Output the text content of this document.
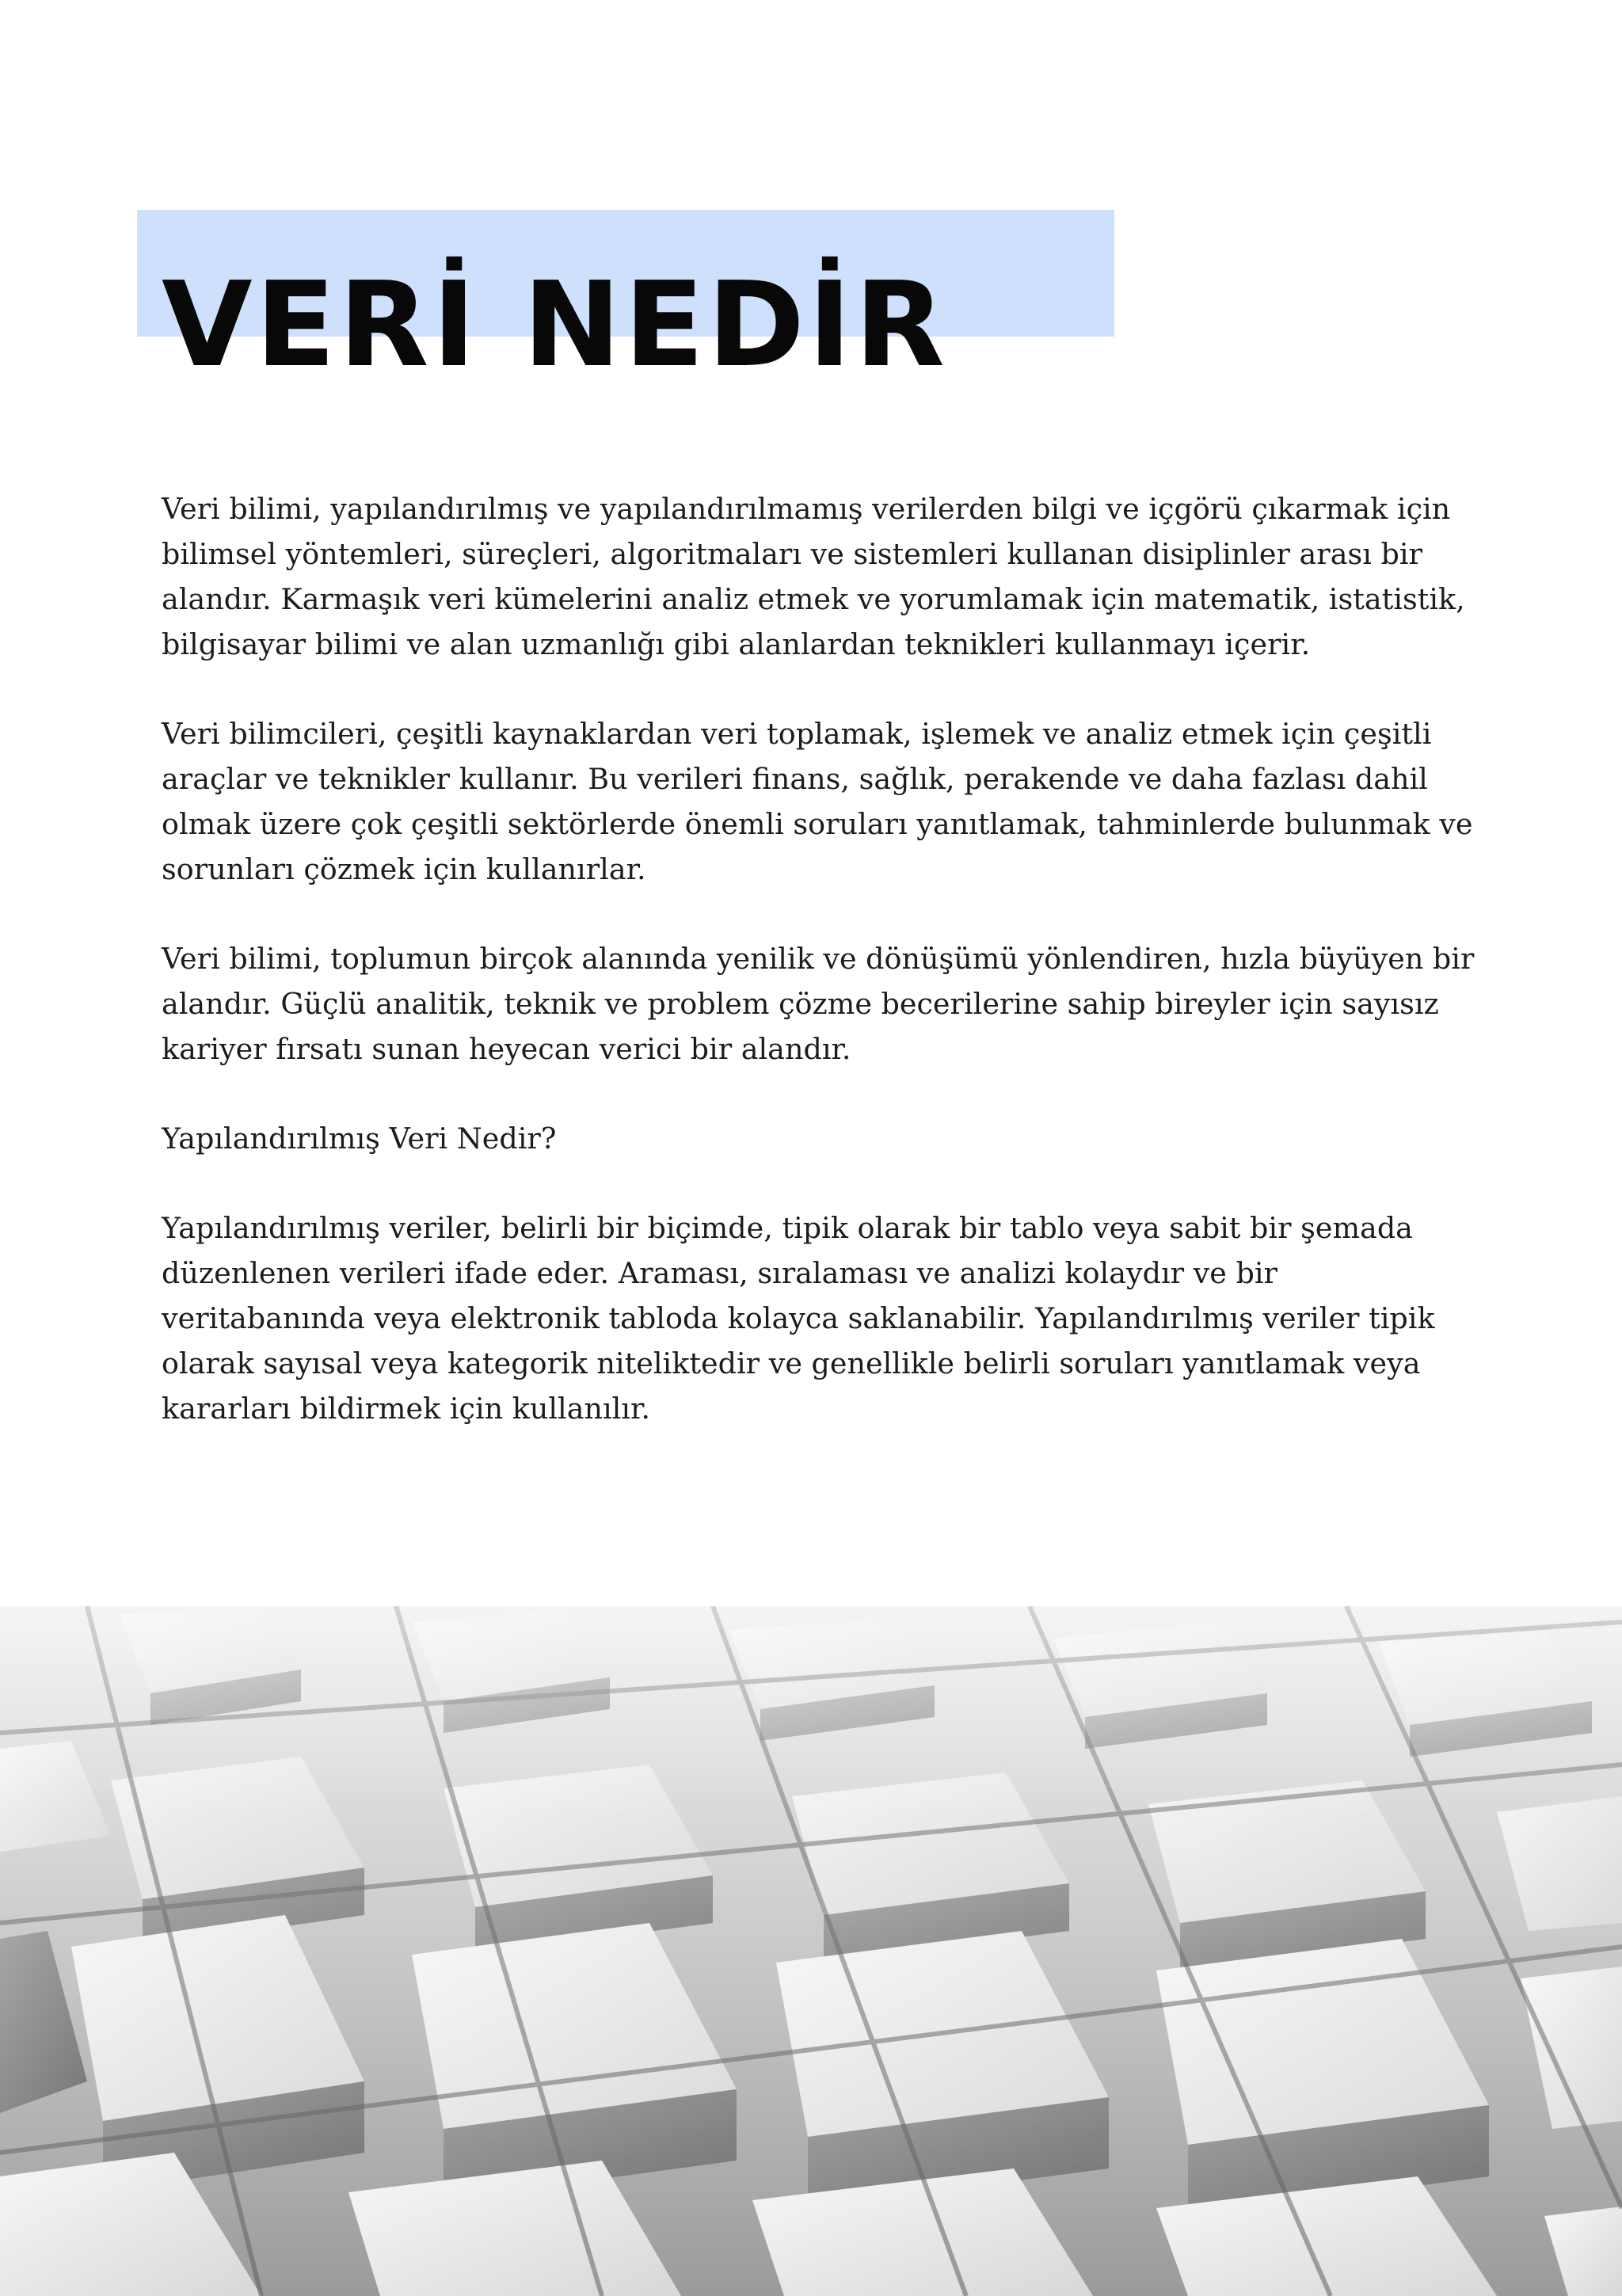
VERİ NEDİR

Veri bilimi, yapılandırılmış ve yapılandırılmamış verilerden bilgi ve içgörü çıkarmak için bilimsel yöntemleri, süreçleri, algoritmaları ve sistemleri kullanan disiplinler arası bir alandır. Karmaşık veri kümelerini analiz etmek ve yorumlamak için matematik, istatistik, bilgisayar bilimi ve alan uzmanlığı gibi alanlardan teknikleri kullanmayı içerir.

Veri bilimcileri, çeşitli kaynaklardan veri toplamak, işlemek ve analiz etmek için çeşitli araçlar ve teknikler kullanır. Bu verileri finans, sağlık, perakende ve daha fazlası dahil olmak üzere çok çeşitli sektörlerde önemli soruları yanıtlamak, tahminlerde bulunmak ve sorunları çözmek için kullanırlar.

Veri bilimi, toplumun birçok alanında yenilik ve dönüşümü yönlendiren, hızla büyüyen bir alandır. Güçlü analitik, teknik ve problem çözme becerilerine sahip bireyler için sayısız kariyer fırsatı sunan heyecan verici bir alandır.

Yapılandırılmış Veri Nedir?

Yapılandırılmış veriler, belirli bir biçimde, tipik olarak bir tablo veya sabit bir şemada düzenlenen verileri ifade eder. Araması, sıralaması ve analizi kolaydır ve bir veritabanında veya elektronik tabloda kolayca saklanabilir. Yapılandırılmış veriler tipik olarak sayısal veya kategorik niteliktedir ve genellikle belirli soruları yanıtlamak veya kararları bildirmek için kullanılır.
